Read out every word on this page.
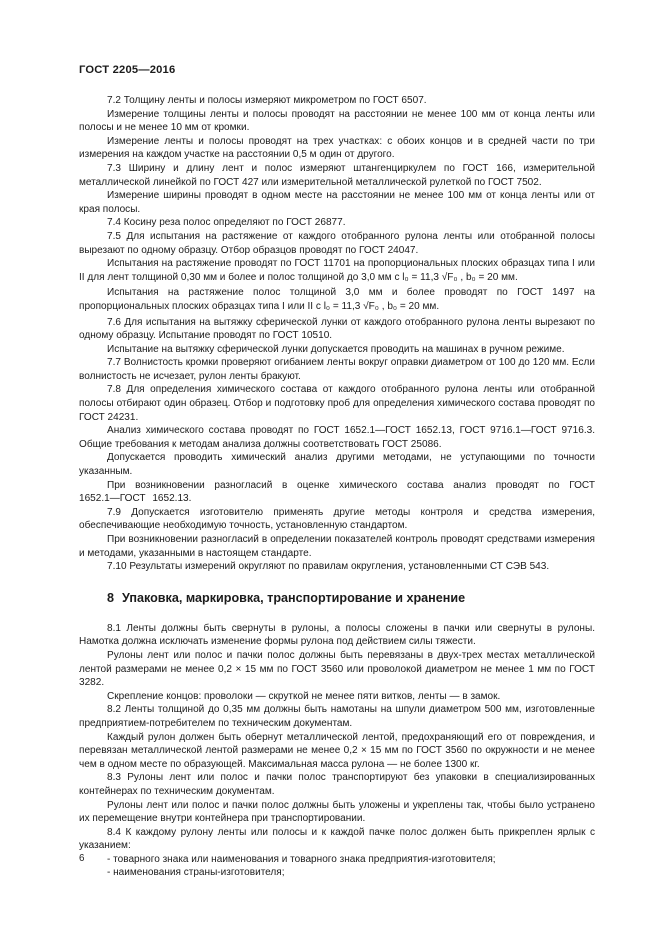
ГОСТ 2205—2016

7.2 Толщину ленты и полосы измеряют микрометром по ГОСТ 6507.

Измерение толщины ленты и полосы проводят на расстоянии не менее 100 мм от конца ленты или полосы и не менее 10 мм от кромки.

Измерение ленты и полосы проводят на трех участках: с обоих концов и в средней части по три измерения на каждом участке на расстоянии 0,5 м один от другого.

7.3 Ширину и длину лент и полос измеряют штангенциркулем по ГОСТ 166, измерительной металлической линейкой по ГОСТ 427 или измерительной металлической рулеткой по ГОСТ 7502.

Измерение ширины проводят в одном месте на расстоянии не менее 100 мм от конца ленты или от края полосы.

7.4 Косину реза полос определяют по ГОСТ 26877.

7.5 Для испытания на растяжение от каждого отобранного рулона ленты или отобранной полосы вырезают по одному образцу. Отбор образцов проводят по ГОСТ 24047.

Испытания на растяжение проводят по ГОСТ 11701 на пропорциональных плоских образцах типа I или II для лент толщиной 0,30 мм и более и полос толщиной до 3,0 мм с l₀ = 11,3 √F₀ , b₀ = 20 мм.

Испытания на растяжение полос толщиной 3,0 мм и более проводят по ГОСТ 1497 на пропорциональных плоских образцах типа I или II с l₀ = 11,3 √F₀ , b₀ = 20 мм.

7.6 Для испытания на вытяжку сферической лунки от каждого отобранного рулона ленты вырезают по одному образцу. Испытание проводят по ГОСТ 10510.

Испытание на вытяжку сферической лунки допускается проводить на машинах в ручном режиме.

7.7 Волнистость кромки проверяют огибанием ленты вокруг оправки диаметром от 100 до 120 мм. Если волнистость не исчезает, рулон ленты бракуют.

7.8 Для определения химического состава от каждого отобранного рулона ленты или отобранной полосы отбирают один образец. Отбор и подготовку проб для определения химического состава проводят по ГОСТ 24231.

Анализ химического состава проводят по ГОСТ 1652.1—ГОСТ 1652.13, ГОСТ 9716.1—ГОСТ 9716.3. Общие требования к методам анализа должны соответствовать ГОСТ 25086.

Допускается проводить химический анализ другими методами, не уступающими по точности указанным.

При возникновении разногласий в оценке химического состава анализ проводят по ГОСТ 1652.1—ГОСТ 1652.13.

7.9 Допускается изготовителю применять другие методы контроля и средства измерения, обеспечивающие необходимую точность, установленную стандартом.

При возникновении разногласий в определении показателей контроль проводят средствами измерения и методами, указанными в настоящем стандарте.

7.10 Результаты измерений округляют по правилам округления, установленными СТ СЭВ 543.

8 Упаковка, маркировка, транспортирование и хранение

8.1 Ленты должны быть свернуты в рулоны, а полосы сложены в пачки или свернуты в рулоны. Намотка должна исключать изменение формы рулона под действием силы тяжести.

Рулоны лент или полос и пачки полос должны быть перевязаны в двух-трех местах металлической лентой размерами не менее 0,2 × 15 мм по ГОСТ 3560 или проволокой диаметром не менее 1 мм по ГОСТ 3282.

Скрепление концов: проволоки — скруткой не менее пяти витков, ленты — в замок.

8.2 Ленты толщиной до 0,35 мм должны быть намотаны на шпули диаметром 500 мм, изготовленные предприятием-потребителем по техническим документам.

Каждый рулон должен быть обернут металлической лентой, предохраняющий его от повреждения, и перевязан металлической лентой размерами не менее 0,2 × 15 мм по ГОСТ 3560 по окружности и не менее чем в одном месте по образующей. Максимальная масса рулона — не более 1300 кг.

8.3 Рулоны лент или полос и пачки полос транспортируют без упаковки в специализированных контейнерах по техническим документам.

Рулоны лент или полос и пачки полос должны быть уложены и укреплены так, чтобы было устранено их перемещение внутри контейнера при транспортировании.

8.4 К каждому рулону ленты или полосы и к каждой пачке полос должен быть прикреплен ярлык с указанием:

- товарного знака или наименования и товарного знака предприятия-изготовителя;

- наименования страны-изготовителя;

6
